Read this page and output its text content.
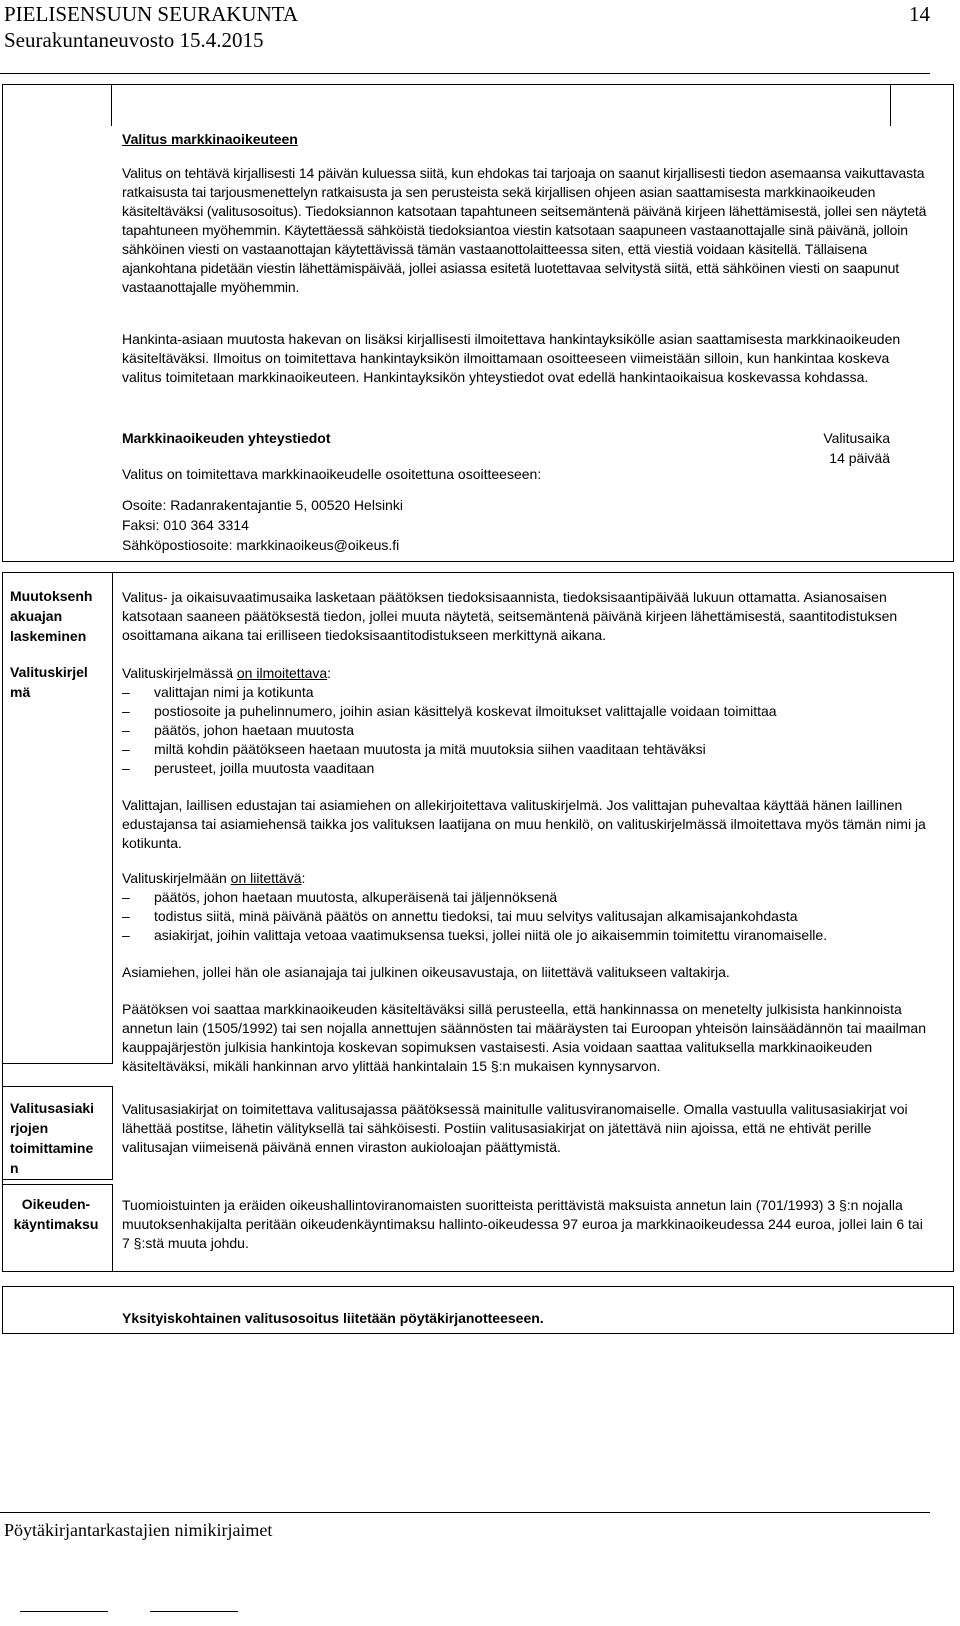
PIELISENSUUN SEURAKUNTA
Seurakuntaneuvosto 15.4.2015
14
Valitus markkinaoikeuteen
Valitus on tehtävä kirjallisesti 14 päivän kuluessa siitä, kun ehdokas tai tarjoaja on saanut kirjallisesti tiedon asemaansa vaikuttavasta ratkaisusta tai tarjousmenettelyn ratkaisusta ja sen perusteista sekä kirjallisen ohjeen asian saattamisesta markkinaoikeuden käsiteltäväksi (valitusosoitus). Tiedoksiannon katsotaan tapahtuneen seitsemäntenä päivänä kirjeen lähettämisestä, jollei sen näytetä tapahtuneen myöhemmin. Käytettäessä sähköistä tiedoksiantoa viestin katsotaan saapuneen vastaanottajalle sinä päivänä, jolloin sähköinen viesti on vastaanottajan käytettävissä tämän vastaanottolaitteessa siten, että viestiä voidaan käsitellä. Tällaisena ajankohtana pidetään viestin lähettämispäivää, jollei asiassa esitetä luotettavaa selvitystä siitä, että sähköinen viesti on saapunut vastaanottajalle myöhemmin.
Hankinta-asiaan muutosta hakevan on lisäksi kirjallisesti ilmoitettava hankintayksikölle asian saattamisesta markkinaoikeuden käsiteltäväksi. Ilmoitus on toimitettava hankintayksikön ilmoittamaan osoitteeseen viimeistään silloin, kun hankintaa koskeva valitus toimitetaan markkinaoikeuteen. Hankintayksikön yhteystiedot ovat edellä hankintaoikaisua koskevassa kohdassa.
Markkinaoikeuden yhteystiedot
Valitus on toimitettava markkinaoikeudelle osoitettuna osoitteeseen:
Valitusaika
14 päivää
Osoite: Radanrakentajantie 5, 00520 Helsinki
Faksi: 010 364 3314
Sähköpostiosoite: markkinaoikeus@oikeus.fi
Muutoksenh akuajan laskeminen
Valitus- ja oikaisuvaatimusaika lasketaan päätöksen tiedoksisaannista, tiedoksisaantipäivää lukuun ottamatta. Asianosaisen katsotaan saaneen päätöksestä tiedon, jollei muuta näytetä, seitsemäntenä päivänä kirjeen lähettämisestä, saantitodistuksen osoittamana aikana tai erilliseen tiedoksisaantitodistukseen merkittynä aikana.
Valituskirjel mä

Valituskirjelmässä on ilmoitettava:

– valittajan nimi ja kotikunta
– postiosoite ja puhelinnumero, joihin asian käsittelyä koskevat ilmoitukset valittajalle voidaan toimittaa
– päätös, johon haetaan muutosta
– miltä kohdin päätökseen haetaan muutosta ja mitä muutoksia siihen vaaditaan tehtäväksi
– perusteet, joilla muutosta vaaditaan

Valittajan, laillisen edustajan tai asiamiehen on allekirjoitettava valituskirjelmä. Jos valittajan puhevaltaa käyttää hänen laillinen edustajansa tai asiamiehensä taikka jos valituksen laatijana on muu henkilö, on valituskirjelmässä ilmoitettava myös tämän nimi ja kotikunta.

Valituskirjelmään on liitettävä:

– päätös, johon haetaan muutosta, alkuperäisenä tai jäljennöksenä
– todistus siitä, minä päivänä päätös on annettu tiedoksi, tai muu selvitys valitusajan alkamisajankohdasta
– asiakirjat, joihin valittaja vetoaa vaatimuksensa tueksi, jollei niitä ole jo aikaisemmin toimitettu viranomaiselle.

Asiamiehen, jollei hän ole asianajaja tai julkinen oikeusavustaja, on liitettävä valitukseen valtakirja.

Päätöksen voi saattaa markkinaoikeuden käsiteltäväksi sillä perusteella, että hankinnassa on menetelty julkisista hankinnoista annetun lain (1505/1992) tai sen nojalla annettujen säännösten tai määräysten tai Euroopan yhteisön lainsäädännön tai maailman kauppajärjestön julkisia hankintoja koskevan sopimuksen vastaisesti. Asia voidaan saattaa valituksella markkinaoikeuden käsiteltäväksi, mikäli hankinnan arvo ylittää hankintalain 15 §:n mukaisen kynnysarvon.

Valitusasiaki rjojen toimittamine n
Valitusasiakirjat on toimitettava valitusajassa päätöksessä mainitulle valitusviranomaiselle. Omalla vastuulla valitusasiakirjat voi lähettää postitse, lähetin välityksellä tai sähköisesti. Postiin valitusasiakirjat on jätettävä niin ajoissa, että ne ehtivät perille valitusajan viimeisenä päivänä ennen viraston aukioloajan päättymistä.
Oikeuden-käyntimaksu
Tuomioistuinten ja eräiden oikeushallintoviranomaisten suoritteista perittävistä maksuista annetun lain (701/1993) 3 §:n nojalla muutoksenhakijalta peritään oikeudenkäyntimaksu hallinto-oikeudessa 97 euroa ja markkinaoikeudessa 244 euroa, jollei lain 6 tai 7 §:stä muuta johdu.
Yksityiskohtainen valitusosoitus liitetään pöytäkirjanotteeseen.
Pöytäkirjantarkastajien nimikirjaimet
